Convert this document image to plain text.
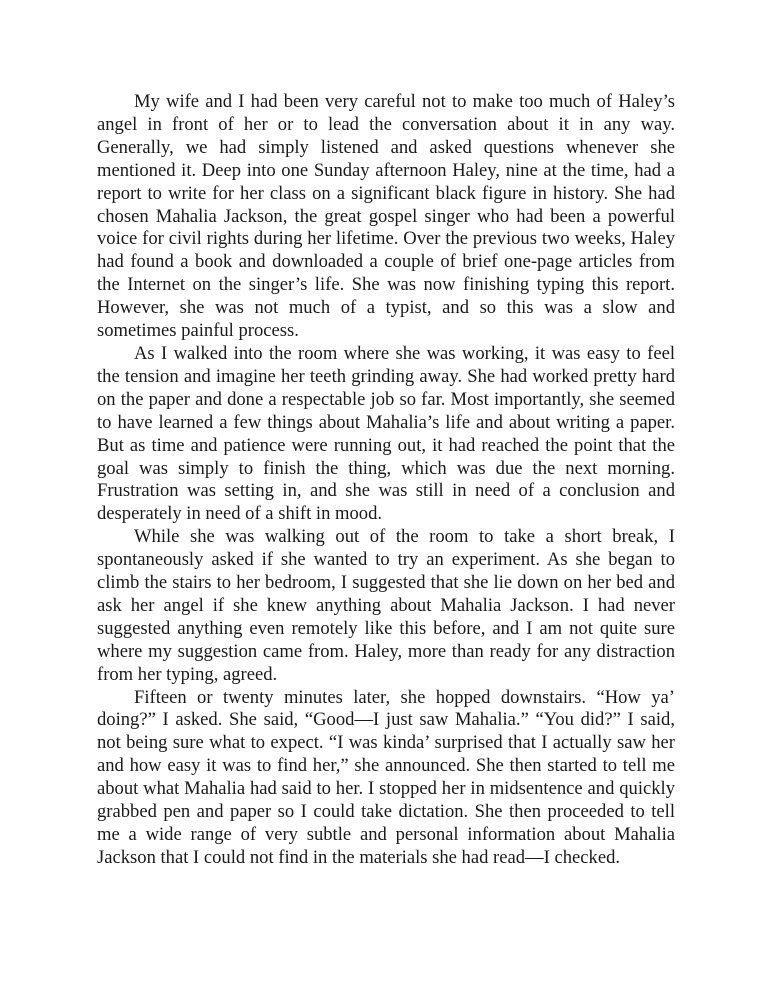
My wife and I had been very careful not to make too much of Haley’s angel in front of her or to lead the conversation about it in any way. Generally, we had simply listened and asked questions whenever she mentioned it. Deep into one Sunday afternoon Haley, nine at the time, had a report to write for her class on a significant black figure in history. She had chosen Mahalia Jackson, the great gospel singer who had been a powerful voice for civil rights during her lifetime. Over the previous two weeks, Haley had found a book and downloaded a couple of brief one-page articles from the Internet on the singer’s life. She was now finishing typing this report. However, she was not much of a typist, and so this was a slow and sometimes painful process.

As I walked into the room where she was working, it was easy to feel the tension and imagine her teeth grinding away. She had worked pretty hard on the paper and done a respectable job so far. Most importantly, she seemed to have learned a few things about Mahalia’s life and about writing a paper. But as time and patience were running out, it had reached the point that the goal was simply to finish the thing, which was due the next morning. Frustration was setting in, and she was still in need of a conclusion and desperately in need of a shift in mood.

While she was walking out of the room to take a short break, I spontaneously asked if she wanted to try an experiment. As she began to climb the stairs to her bedroom, I suggested that she lie down on her bed and ask her angel if she knew anything about Mahalia Jackson. I had never suggested anything even remotely like this before, and I am not quite sure where my suggestion came from. Haley, more than ready for any distraction from her typing, agreed.

Fifteen or twenty minutes later, she hopped downstairs. “How ya’ doing?” I asked. She said, “Good—I just saw Mahalia.” “You did?” I said, not being sure what to expect. “I was kinda’ surprised that I actually saw her and how easy it was to find her,” she announced. She then started to tell me about what Mahalia had said to her. I stopped her in midsentence and quickly grabbed pen and paper so I could take dictation. She then proceeded to tell me a wide range of very subtle and personal information about Mahalia Jackson that I could not find in the materials she had read—I checked.
